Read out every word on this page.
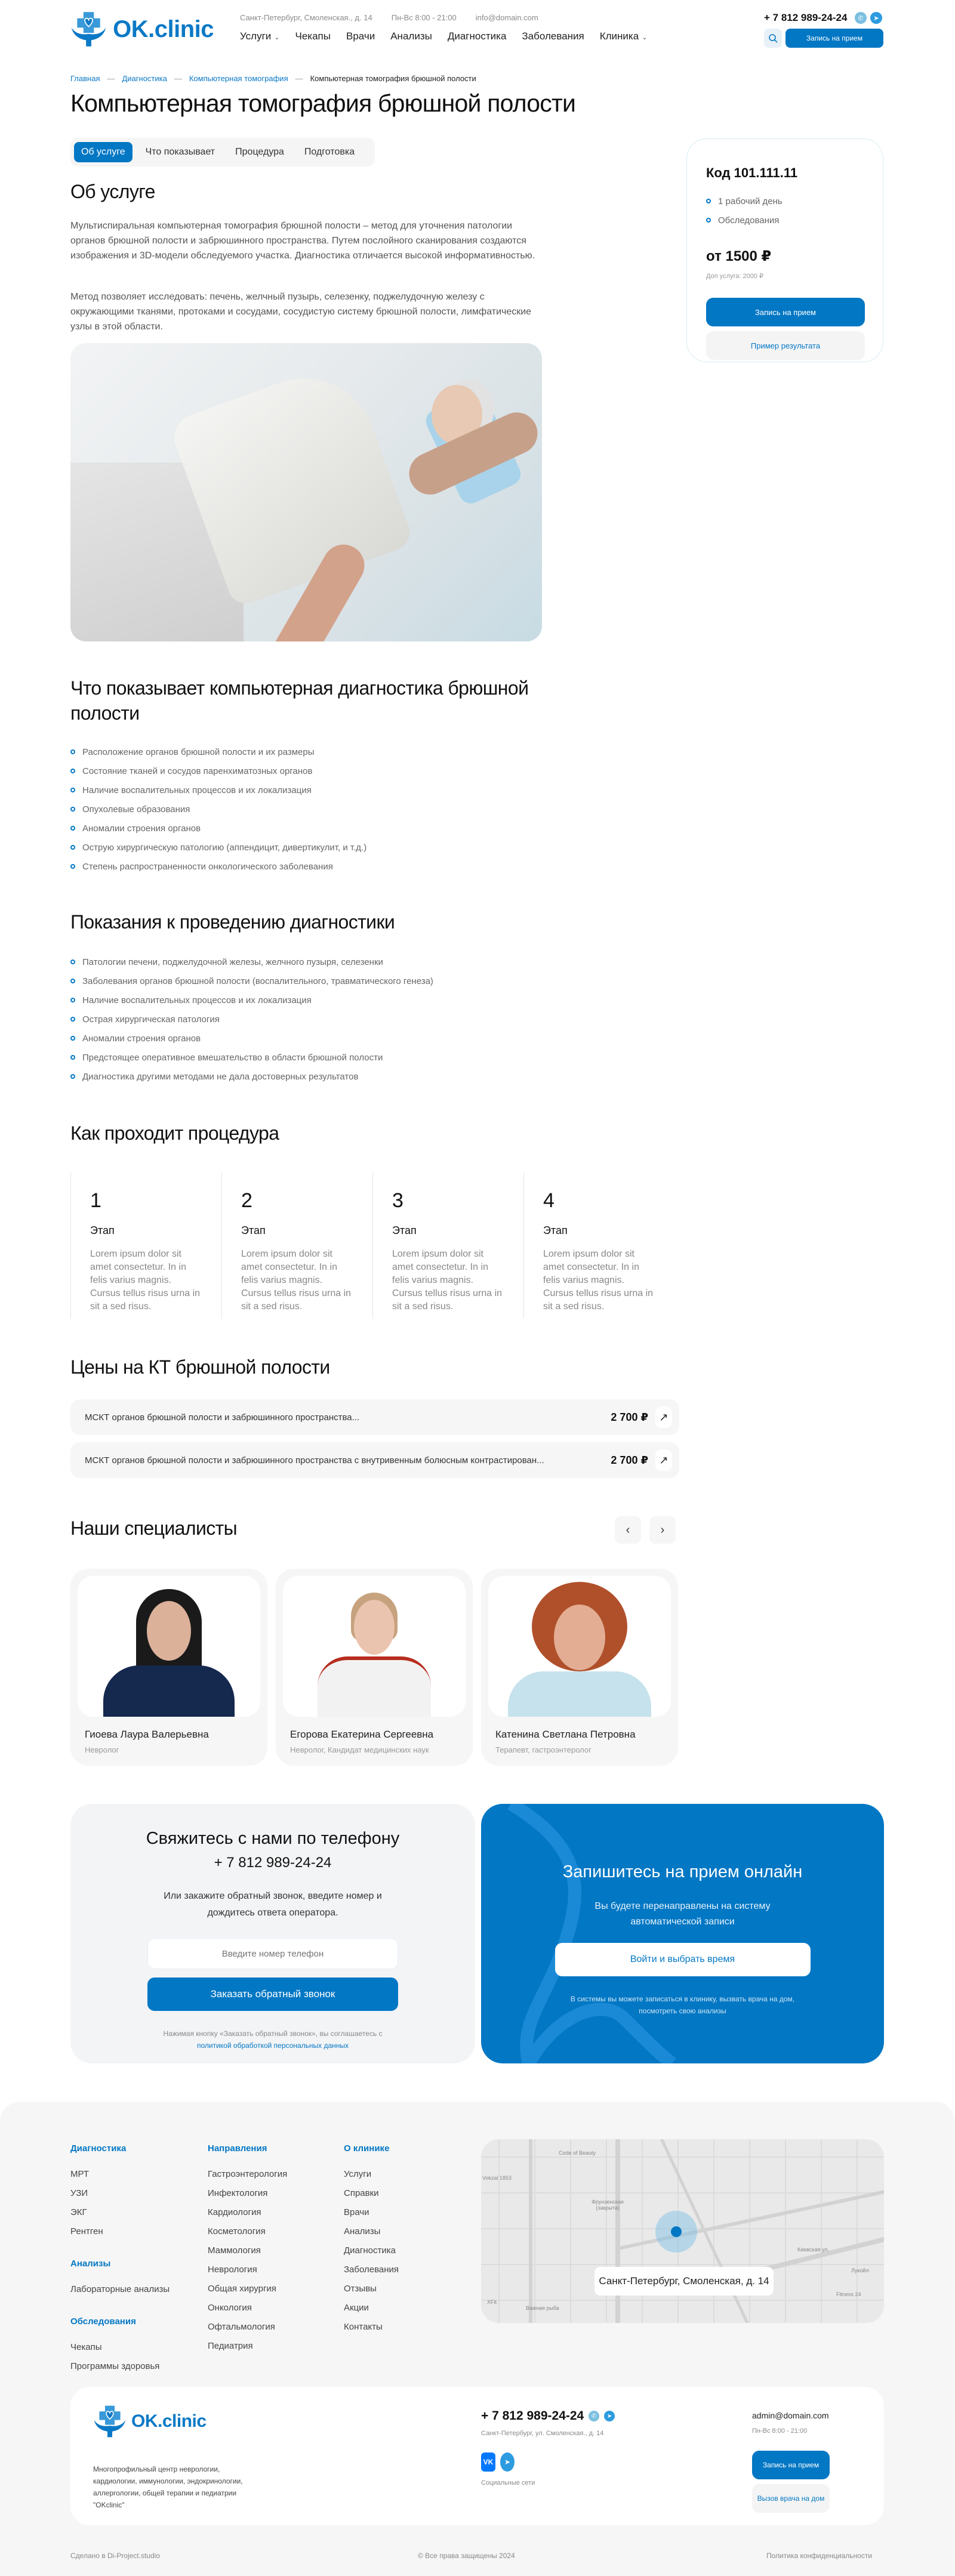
OK.clinic	Санкт-Петербург, Смоленская., д. 14 Пн-Вс 8:00 - 21:00 info@domain.com
Услуги ⌄ Чекапы Врачи Анализы Диагностика Заболевания Клиника ⌄
+ 7 812 989-24-24	✆	➤
Запись на прием
Главная — Диагностика — Компьютерная томография — Компьютерная томография брюшной полости
Компьютерная томография брюшной полости
Об услуге	Что показывает	Процедура	Подготовка
Об услуге

Мультиспиральная компьютерная томография брюшной полости – метод для уточнения патологии органов брюшной полости и забрюшинного пространства. Путем послойного сканирования создаются изображения и 3D-модели обследуемого участка. Диагностика отличается высокой информативностью.

Метод позволяет исследовать: печень, желчный пузырь, селезенку, поджелудочную железу с окружающими тканями, протоками и сосудами, сосудистую систему брюшной полости, лимфатические узлы в этой области.

Код 101.111.11
1 рабочий день
Обследования
от 1500 ₽
Доп услуга: 2000 ₽
Запись на прием
Пример результата
Что показывает компьютерная диагностика брюшной полости
Расположение органов брюшной полости и их размеры
Состояние тканей и сосудов паренхиматозных органов
Наличие воспалительных процессов и их локализация
Опухолевые образования
Аномалии строения органов
Острую хирургическую патологию (аппендицит, дивертикулит, и т.д.)
Степень распространенности онкологического заболевания
Показания к проведению диагностики
Патологии печени, поджелудочной железы, желчного пузыря, селезенки
Заболевания органов брюшной полости (воспалительного, травматического генеза)
Наличие воспалительных процессов и их локализация
Острая хирургическая патология
Аномалии строения органов
Предстоящее оперативное вмешательство в области брюшной полости
Диагностика другими методами не дала достоверных результатов
Как проходит процедура
1
Этап
Lorem ipsum dolor sit amet consectetur. In in felis varius magnis. Cursus tellus risus urna in sit a sed risus.
2
Этап
Lorem ipsum dolor sit amet consectetur. In in felis varius magnis. Cursus tellus risus urna in sit a sed risus.
3
Этап
Lorem ipsum dolor sit amet consectetur. In in felis varius magnis. Cursus tellus risus urna in sit a sed risus.
4
Этап
Lorem ipsum dolor sit amet consectetur. In in felis varius magnis. Cursus tellus risus urna in sit a sed risus.
Цены на КТ брюшной полости
МСКТ органов брюшной полости и забрюшинного пространства...	2 700 ₽	↗
МСКТ органов брюшной полости и забрюшинного пространства с внутривенным болюсным контрастирован...	2 700 ₽	↗
Наши специалисты	‹	›
Гиоева Лаура Валерьевна
Невролог
Егорова Екатерина Сергеевна
Невролог, Кандидат медицинских наук
Катенина Светлана Петровна
Терапевт, гастроэнтеролог
Свяжитесь с нами по телефону
+ 7 812 989-24-24
Или закажите обратный звонок, введите номер и дождитесь ответа оператора.
Введите номер телефон
Заказать обратный звонок
Нажимая кнопку «Заказать обратный звонок», вы соглашаетесь с
политикой обработкой персональных данных
Запишитесь на прием онлайн
Вы будете перенаправлены на систему автоматической записи
Войти и выбрать время
В системы вы можете записаться в клинику, вызвать врача на дом, посмотреть свою анализы
Диагностика
МРТ
УЗИ
ЭКГ
Рентген
Анализы
Лабораторные анализы
Обследования
Чекапы
Программы здоровья
Направления
Гастроэнтерология
Инфектология
Кардиология
Косметология
Маммология
Неврология
Общая хирургия
Онкология
Офтальмология
Педиатрия
О клинике
Услуги
Справки
Врачи
Анализы
Диагностика
Заболевания
Отзывы
Акции
Контакты
Code of Beauty
Vokzal 1853
Фрунзенская (закрыта)
Киевская ул.
Лукойл
Fitness 24
XFit
Важная рыба
Санкт-Петербург, Смоленская, д. 14
OK.clinic
Многопрофильный центр неврологии, кардиологии, иммунологии, эндокринологии, аллергологии, общей терапии и педиатрии "OKclinic"
+ 7 812 989-24-24	✆	➤
Санкт-Петербург, ул. Смоленская., д. 14
VK	➤
Социальные сети
admin@domain.com
Пн-Вс 8:00 - 21:00
Запись на прием
Вызов врача на дом
Сделано в Di-Project.studio	© Все права защищены 2024	Политика конфиденциальности
